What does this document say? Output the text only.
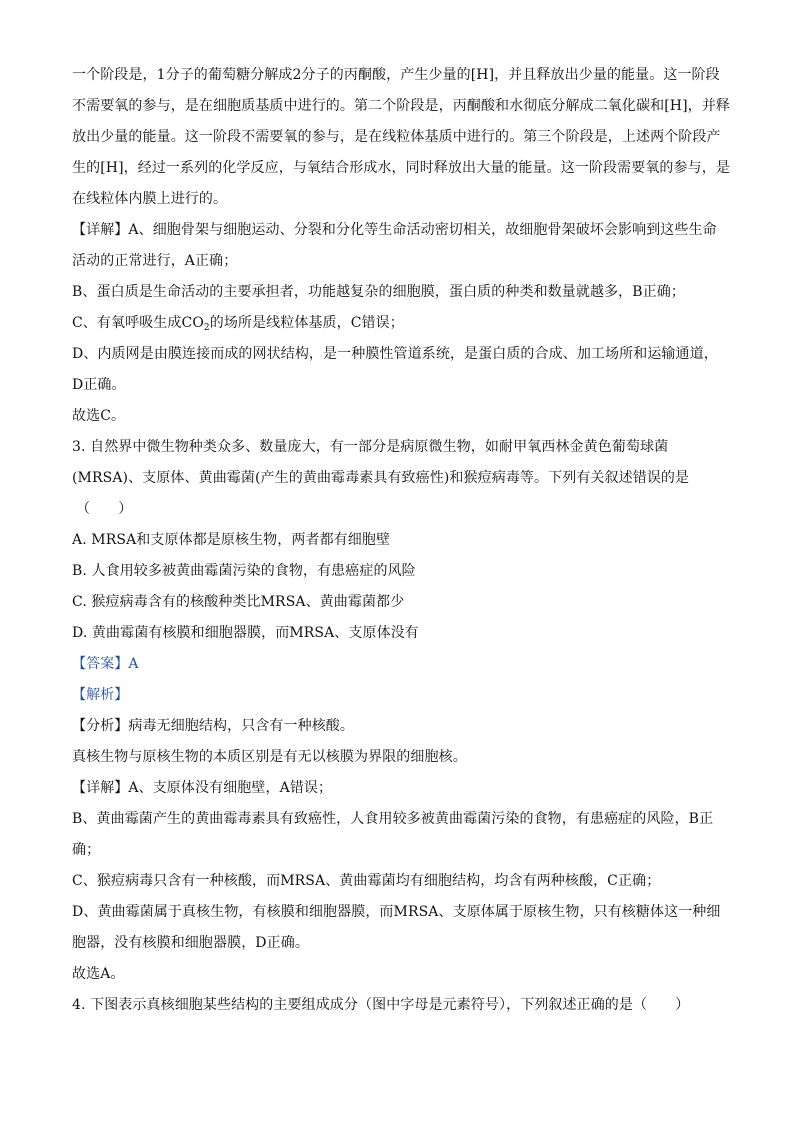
一个阶段是，1分子的葡萄糖分解成2分子的丙酮酸，产生少量的[H]，并且释放出少量的能量。这一阶段
不需要氧的参与，是在细胞质基质中进行的。第二个阶段是，丙酮酸和水彻底分解成二氧化碳和[H]，并释
放出少量的能量。这一阶段不需要氧的参与，是在线粒体基质中进行的。第三个阶段是，上述两个阶段产
生的[H]，经过一系列的化学反应，与氧结合形成水，同时释放出大量的能量。这一阶段需要氧的参与，是
在线粒体内膜上进行的。
【详解】A、细胞骨架与细胞运动、分裂和分化等生命活动密切相关，故细胞骨架破坏会影响到这些生命
活动的正常进行，A正确；
B、蛋白质是生命活动的主要承担者，功能越复杂的细胞膜，蛋白质的种类和数量就越多，B正确；
C、有氧呼吸生成$CO_2$的场所是线粒体基质，C错误；
D、内质网是由膜连接而成的网状结构，是一种膜性管道系统，是蛋白质的合成、加工场所和运输通道，
D正确。
故选C。
3. 自然界中微生物种类众多、数量庞大，有一部分是病原微生物，如耐甲氧西林金黄色葡萄球菌
(MRSA)、支原体、黄曲霉菌(产生的黄曲霉毒素具有致癌性)和猴痘病毒等。下列有关叙述错误的是
（　　）
A. MRSA和支原体都是原核生物，两者都有细胞壁
B. 人食用较多被黄曲霉菌污染的食物，有患癌症的风险
C. 猴痘病毒含有的核酸种类比MRSA、黄曲霉菌都少
D. 黄曲霉菌有核膜和细胞器膜，而MRSA、支原体没有
【答案】A
【解析】
【分析】病毒无细胞结构，只含有一种核酸。
真核生物与原核生物的本质区别是有无以核膜为界限的细胞核。
【详解】A、支原体没有细胞壁，A错误；
B、黄曲霉菌产生的黄曲霉毒素具有致癌性，人食用较多被黄曲霉菌污染的食物，有患癌症的风险，B正
确；
C、猴痘病毒只含有一种核酸，而MRSA、黄曲霉菌均有细胞结构，均含有两种核酸，C正确；
D、黄曲霉菌属于真核生物，有核膜和细胞器膜，而MRSA、支原体属于原核生物，只有核糖体这一种细
胞器，没有核膜和细胞器膜，D正确。
故选A。
4. 下图表示真核细胞某些结构的主要组成成分（图中字母是元素符号），下列叙述正确的是（　　）
